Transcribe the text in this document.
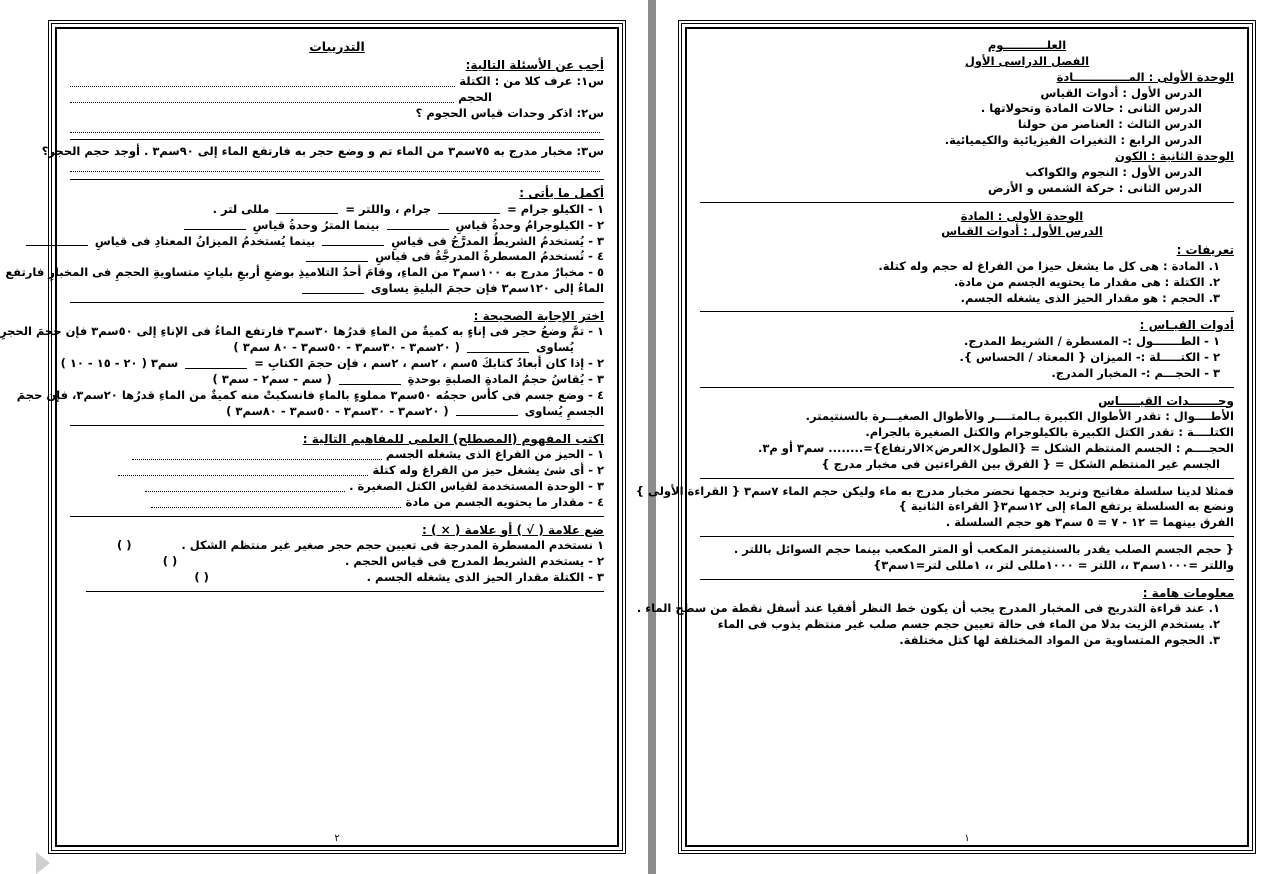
العلـــــــــــوم
الفصل الدراسى الأول
الوحدة الأولى : المــــــــــــــادة
الدرس الأول : أدوات القياس
الدرس الثانى : حالات المادة وتحولاتها .
الدرس الثالث : العناصر من حولنا
الدرس الرابع : التغيرات الفيزيائية والكيميائية.
الوحدة الثانية : الكون
الدرس الأول : النجوم والكواكب
الدرس الثانى : حركة الشمس و الأرض
الوحدة الأولى : المادة
الدرس الأول : أدوات القياس
تعريفات :
١. المادة : هى كل ما يشغل حيزا من الفراغ له حجم وله كتلة.
٢. الكتلة : هى مقدار ما يحتويه الجسم من مادة.
٣. الحجم : هو مقدار الحيز الذى يشغله الجسم.
أدوات القيـاس :
١ - الطـــــــول :- المسطرة / الشريط المدرج.
٢ - الكتـــــلة :- الميزان { المعتاد / الحساس }.
٣ - الحجـــم :- المخبار المدرج.
وحـــــــدات القيـــــاس
الأطــــوال : تقدر الأطوال الكبيرة بـالمتــــر والأطوال الصغيـــرة بالسنتيمتر.
الكتلــــة : تقدر الكتل الكبيرة بالكيلوجرام والكتل الصغيرة بالجرام.
الحجــــم : الجسم المنتظم الشكل = {الطول×العرض×الارتفاع}=........ سم٣ أو م٣.
الجسم غير المنتظم الشكل = { الفرق بين القراءتين فى مخبار مدرج }
فمثلا لدينا سلسلة مفاتيح ونريد حجمها نحضر مخبار مدرج به ماء وليكن حجم الماء ٧سم٣ { القراءة الأولى }
ونضع به السلسلة يرتفع الماء إلى ١٢سم٣{ القراءة الثانية }
الفرق بينهما = ١٢ - ٧ = ٥ سم٣ هو حجم السلسلة .
{ حجم الجسم الصلب يقدر بالسنتيمتر المكعب أو المتر المكعب بينما حجم السوائل باللتر .
واللتر =١٠٠٠سم٣ ،، اللتر = ١٠٠٠مللى لتر ،، ١مللى لتر=١سم٣}
معلومات هامة :
١. عند قراءة التدريج فى المخبار المدرج يجب أن يكون خط النظر أفقيا عند أسفل نقطة من سطح الماء .
٢. يستخدم الزيت بدلا من الماء فى حالة تعيين حجم جسم صلب غير منتظم يذوب فى الماء
٣. الحجوم المتساوية من المواد المختلفة لها كتل مختلفة.
١
التدريبات
أجب عن الأسئلة التالية:
س١: عرف كلا من : الكتلة
الحجم
س٢: اذكر وحدات قياس الحجوم ؟
س٣: مخبار مدرج به ٧٥سم٣ من الماء تم و وضع حجر به فارتفع الماء إلى ٩٠سم٣ . أوجد حجم الحجر؟
أكمل ما يأتى :
١ - الكيلو جرام =  جرام ، واللتر =  مللى لتر .
٢ - الكيلوجرامُ وحدةُ قياسِ  بينما المترُ وحدةُ قياسِ
٣ - يُستخدمُ الشريطُ المدرَّجُ فى قياسِ  بينما يُستخدمُ الميزانُ المعتادِ فى قياسِ
٤ - تُستخدمُ المسطرةُ المدرجَّةُ فى قياسِ
٥ - مخبارٌ مدرج به ١٠٠سم٣ من الماءِ، وقامَ أحدُ التلاميذِ بوضعِ أربعِ بلياتٍ متساويةِ الحجمِ فى المخبارِ فارتفع
الماءُ إلى ١٢٠سم٣ فإن حجمَ البليةِ يساوى
اختر الإجابة الصحيحة :
١ - تمَّ وضعُ حجر فى إناءٍ به كميةٌ من الماءِ قدرُها ٣٠سم٣ فارتفع الماءُ فى الإناءِ إلى ٥٠سم٣ فإن حجمَ الحجرِ
يُساوى  ( ٢٠سم٣ - ٣٠سم٣ - ٥٠سم٣ - ٨٠ سم٣ )
٢ - إذا كان أبعادُ كتابكَ ٥سم ، ٢سم ، ٢سم ، فإن حجمَ الكتابِ =  سم٣ ( ٢٠ - ١٥ - ١٠ )
٣ - يُقاسُ حجمُ المادةِ الصلبةِ بوحدةِ  ( سم - سم٢ - سم٣ )
٤ - وضع جسم فى كأس حجمُه ٥٠سم٣ مملوءٍ بالماءِ فانسكبتْ منه كميةٌ من الماءِ قدرُها ٢٠سم٣، فإن حجمَ
الجسمِ يُساوى  ( ٢٠سم٣ - ٣٠سم٣ - ٥٠سم٣ - ٨٠سم٣ )
اكتب المفهوم (المصطلح) العلمى للمفاهيم التالية :
١ - الحيز من الفراغ الذى يشغله الجسم
٢ - أى شئ يشغل حيز من الفراغ وله كتلة
٣ - الوحدة المستخدمة لقياس الكتل الصغيرة .
٤ - مقدار ما يحتويه الجسم من مادة
ضع علامة ( √ ) أو علامة ( × ) :
١ نستخدم المسطرة المدرجة فى تعيين حجم حجر صغير غير منتظم الشكل . ( )
٢ - يستخدم الشريط المدرج فى قياس الحجم . ( )
٣ - الكتلة مقدار الحيز الذى يشغله الجسم . ( )
٢
